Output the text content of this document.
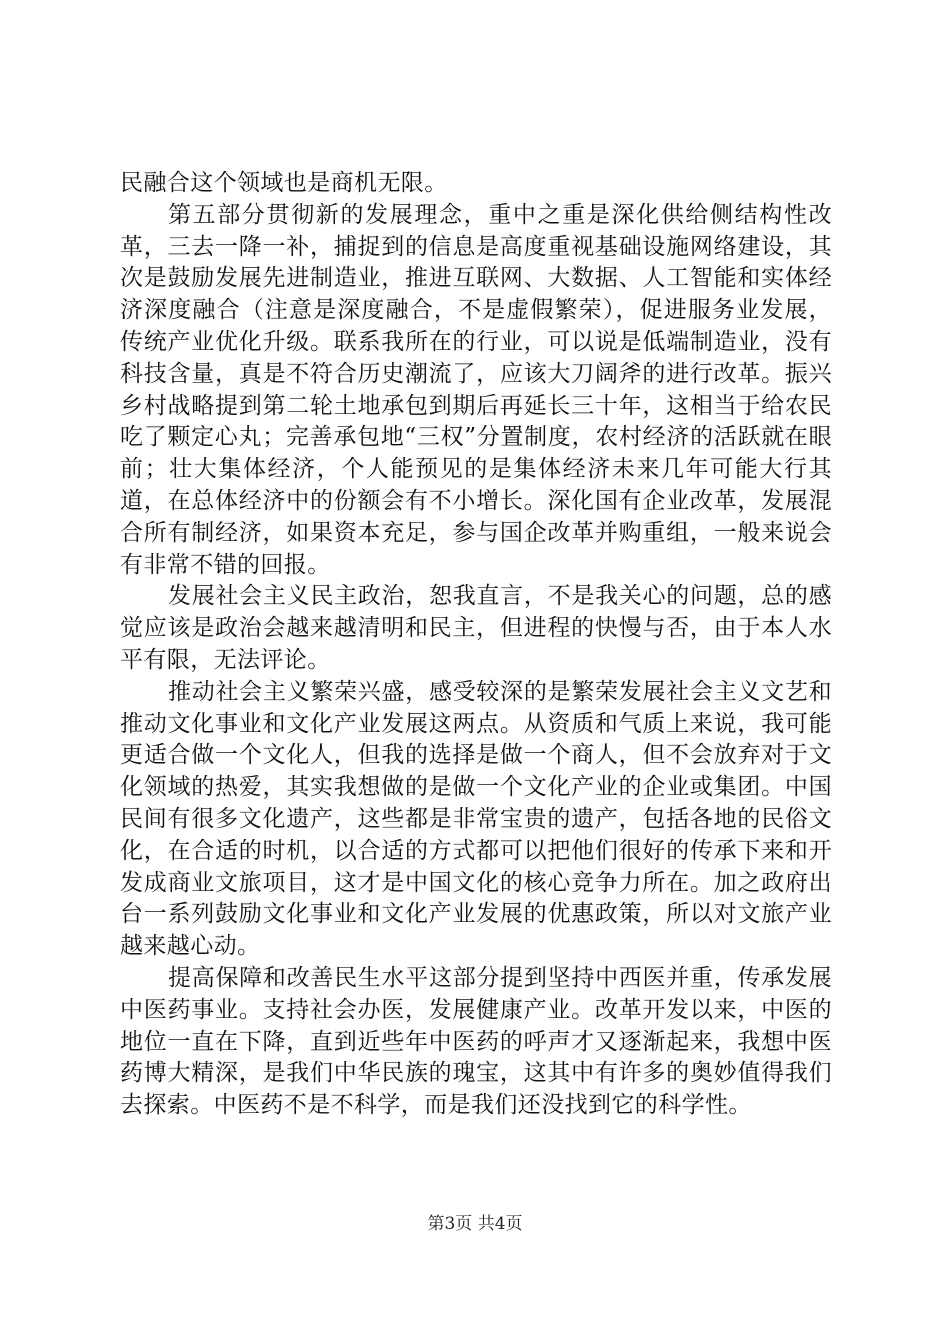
民融合这个领域也是商机无限。

第五部分贯彻新的发展理念，重中之重是深化供给侧结构性改革，三去一降一补，捕捉到的信息是高度重视基础设施网络建设，其次是鼓励发展先进制造业，推进互联网、大数据、人工智能和实体经济深度融合（注意是深度融合，不是虚假繁荣），促进服务业发展，传统产业优化升级。联系我所在的行业，可以说是低端制造业，没有科技含量，真是不符合历史潮流了，应该大刀阔斧的进行改革。振兴乡村战略提到第二轮土地承包到期后再延长三十年，这相当于给农民吃了颗定心丸；完善承包地“三权”分置制度，农村经济的活跃就在眼前；壮大集体经济，个人能预见的是集体经济未来几年可能大行其道，在总体经济中的份额会有不小增长。深化国有企业改革，发展混合所有制经济，如果资本充足，参与国企改革并购重组，一般来说会有非常不错的回报。

发展社会主义民主政治，恕我直言，不是我关心的问题，总的感觉应该是政治会越来越清明和民主，但进程的快慢与否，由于本人水平有限，无法评论。

推动社会主义繁荣兴盛，感受较深的是繁荣发展社会主义文艺和推动文化事业和文化产业发展这两点。从资质和气质上来说，我可能更适合做一个文化人，但我的选择是做一个商人，但不会放弃对于文化领域的热爱，其实我想做的是做一个文化产业的企业或集团。中国民间有很多文化遗产，这些都是非常宝贵的遗产，包括各地的民俗文化，在合适的时机，以合适的方式都可以把他们很好的传承下来和开发成商业文旅项目，这才是中国文化的核心竞争力所在。加之政府出台一系列鼓励文化事业和文化产业发展的优惠政策，所以对文旅产业越来越心动。

提高保障和改善民生水平这部分提到坚持中西医并重，传承发展中医药事业。支持社会办医，发展健康产业。改革开发以来，中医的地位一直在下降，直到近些年中医药的呼声才又逐渐起来，我想中医药博大精深，是我们中华民族的瑰宝，这其中有许多的奥妙值得我们去探索。中医药不是不科学，而是我们还没找到它的科学性。

第3页 共4页
